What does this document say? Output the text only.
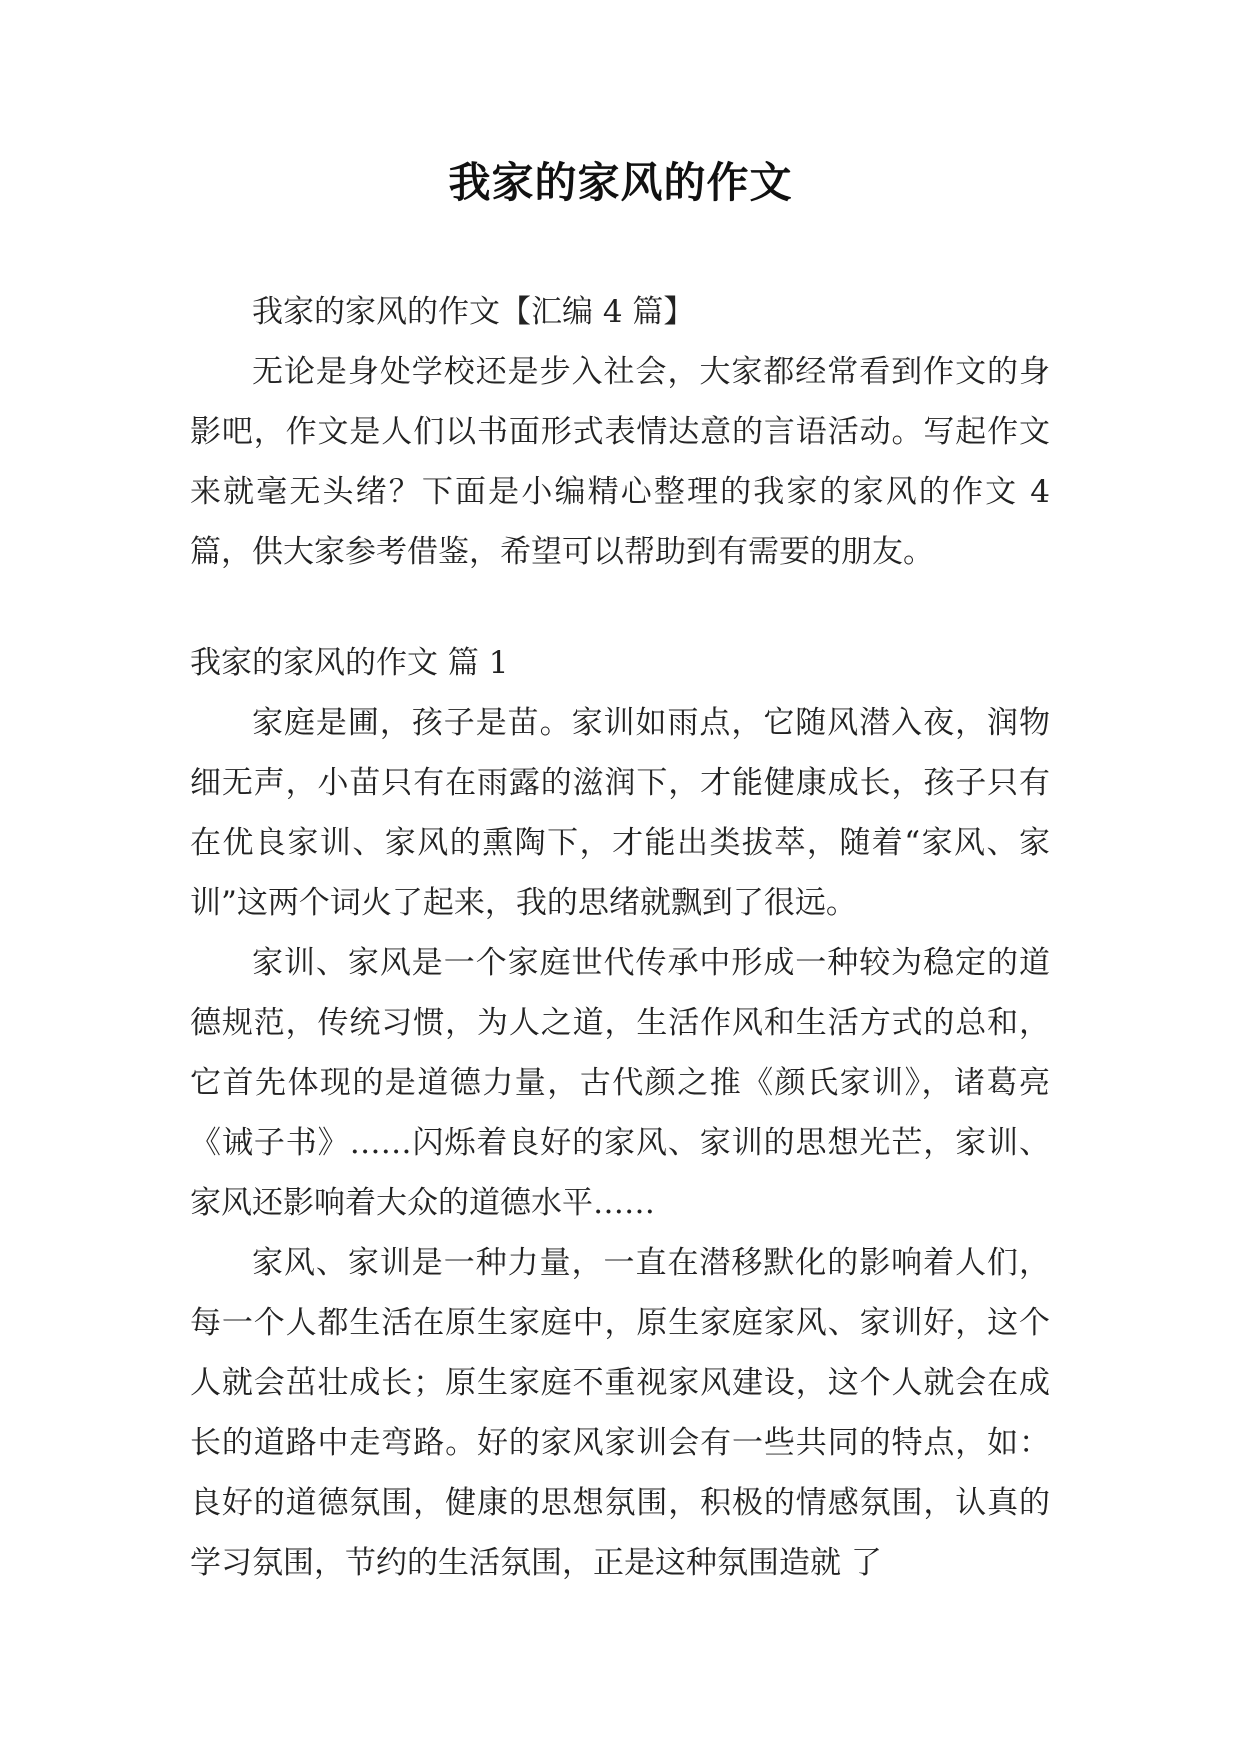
我家的家风的作文

我家的家风的作文【汇编 4 篇】

无论是身处学校还是步入社会，大家都经常看到作文的身影吧，作文是人们以书面形式表情达意的言语活动。写起作文来就毫无头绪？下面是小编精心整理的我家的家风的作文 4 篇，供大家参考借鉴，希望可以帮助到有需要的朋友。

我家的家风的作文 篇 1

家庭是圃，孩子是苗。家训如雨点，它随风潜入夜，润物细无声，小苗只有在雨露的滋润下，才能健康成长，孩子只有在优良家训、家风的熏陶下，才能出类拔萃，随着“家风、家训”这两个词火了起来，我的思绪就飘到了很远。

家训、家风是一个家庭世代传承中形成一种较为稳定的道德规范，传统习惯，为人之道，生活作风和生活方式的总和，它首先体现的是道德力量，古代颜之推《颜氏家训》，诸葛亮《诫子书》……闪烁着良好的家风、家训的思想光芒，家训、家风还影响着大众的道德水平……

家风、家训是一种力量，一直在潜移默化的影响着人们，每一个人都生活在原生家庭中，原生家庭家风、家训好，这个人就会茁壮成长；原生家庭不重视家风建设，这个人就会在成长的道路中走弯路。好的家风家训会有一些共同的特点，如：良好的道德氛围，健康的思想氛围，积极的情感氛围，认真的学习氛围，节约的生活氛围，正是这种氛围造就 了
